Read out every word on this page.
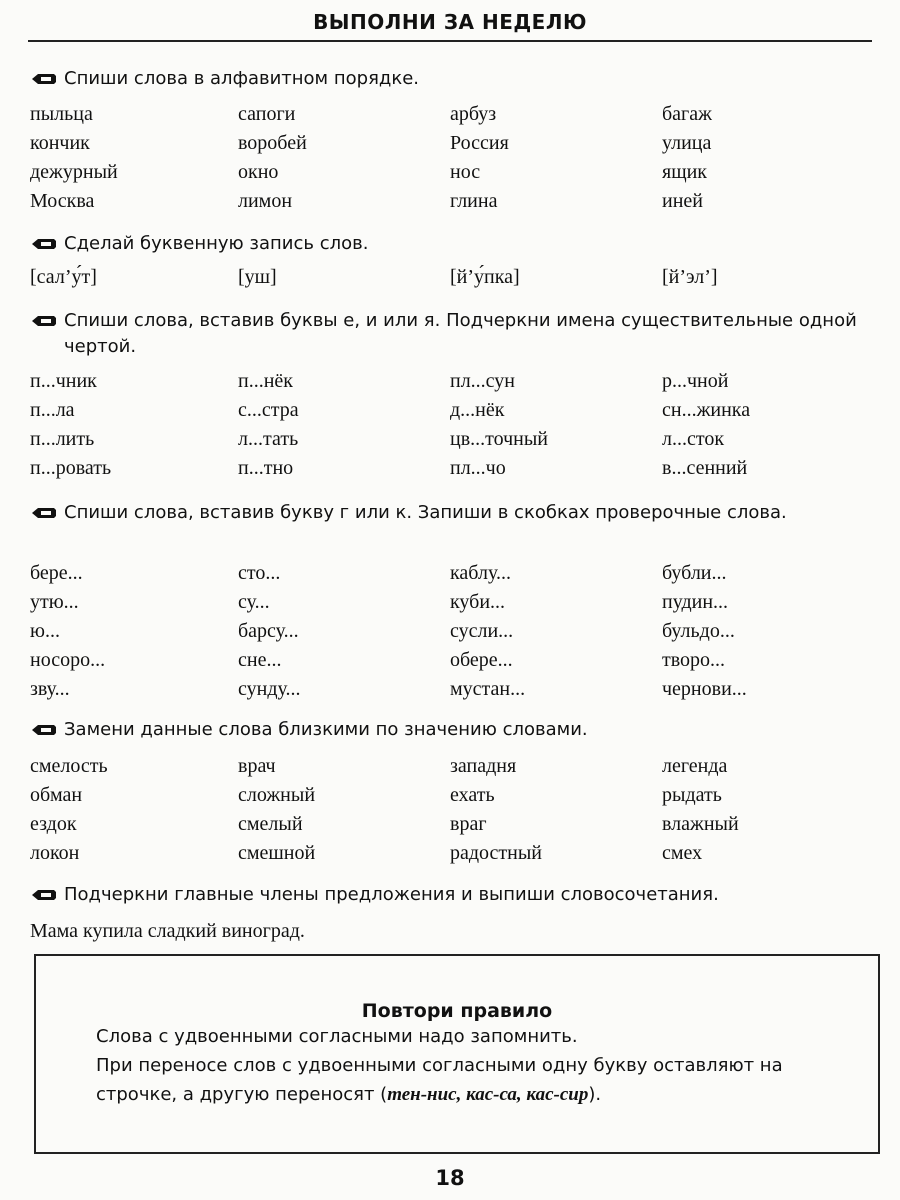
ВЫПОЛНИ ЗА НЕДЕЛЮ
Спиши слова в алфавитном порядке.
пыльца	сапоги	арбуз	багаж
кончик	воробей	Россия	улица
дежурный	окно	нос	ящик
Москва	лимон	глина	иней
Сделай буквенную запись слов.
[сал’у́т]	[уш]	[й’у́пка]	[й’эл’]
Спиши слова, вставив буквы е, и или я. Подчеркни имена существительные одной чертой.
п...чник	п...нёк	пл...сун	р...чной
п...ла	с...стра	д...нёк	сн...жинка
п...лить	л...тать	цв...точный	л...сток
п...ровать	п...тно	пл...чо	в...сенний
Спиши слова, вставив букву г или к. Запиши в скобках проверочные слова.
бере...	сто...	каблу...	бубли...
утю...	су...	куби...	пудин...
ю...	барсу...	сусли...	бульдо...
носоро...	сне...	оберe...	творо...
зву...	сунду...	мустан...	чернови...
Замени данные слова близкими по значению словами.
смелость	врач	западня	легенда
обман	сложный	ехать	рыдать
ездок	смелый	враг	влажный
локон	смешной	радостный	смех
Подчеркни главные члены предложения и выпиши словосочетания.
Мама купила сладкий виноград.
Повтори правило

Слова с удвоенными согласными надо запомнить.

При переносе слов с удвоенными согласными одну букву оставляют на строчке, а другую переносят (тен-нис, кас-са, кас-сир).

18
